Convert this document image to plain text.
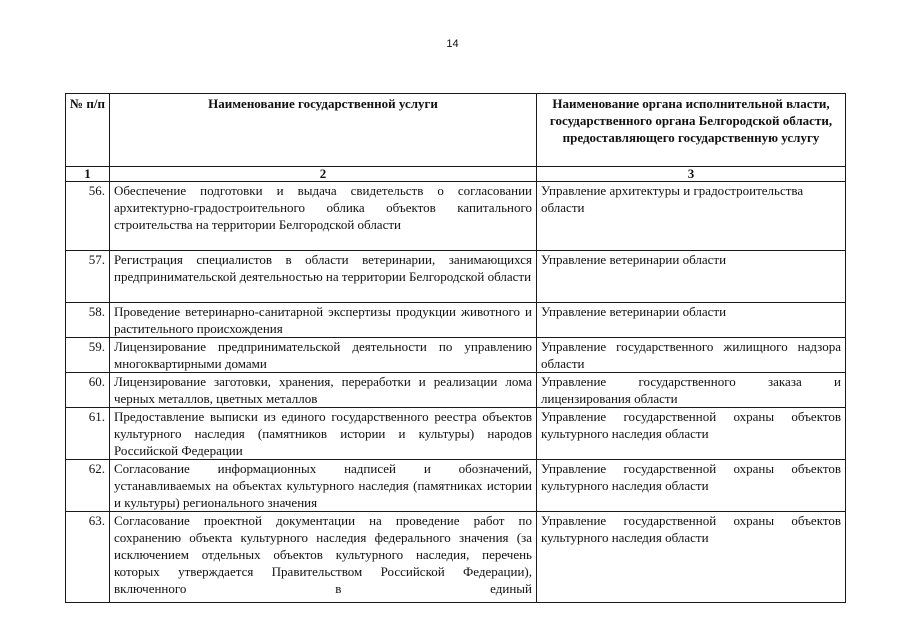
14
№ п/п	Наименование государственной услуги	Наименование органа исполнительной власти, государственного органа Белгородской области, предоставляющего государственную услугу
1	2	3
56.	Обеспечение подготовки и выдача свидетельств о согласовании архитектурно-градостроительного облика объектов капитального строительства на территории Белгородской области	Управление архитектуры и градостроительства области
57.	Регистрация специалистов в области ветеринарии, занимающихся предпринимательской деятельностью на территории Белгородской области	Управление ветеринарии области
58.	Проведение ветеринарно-санитарной экспертизы продукции животного и растительного происхождения	Управление ветеринарии области
59.	Лицензирование предпринимательской деятельности по управлению многоквартирными домами	Управление государственного жилищного надзора области
60.	Лицензирование заготовки, хранения, переработки и реализации лома черных металлов, цветных металлов	Управление государственного заказа и лицензирования области
61.	Предоставление выписки из единого государственного реестра объектов культурного наследия (памятников истории и культуры) народов Российской Федерации	Управление государственной охраны объектов культурного наследия области
62.	Согласование информационных надписей и обозначений, устанавливаемых на объектах культурного наследия (памятниках истории и культуры) регионального значения	Управление государственной охраны объектов культурного наследия области
63.	Согласование проектной документации на проведение работ по сохранению объекта культурного наследия федерального значения (за исключением отдельных объектов культурного наследия, перечень которых утверждается Правительством Российской Федерации), включенного в единый	Управление государственной охраны объектов культурного наследия области
